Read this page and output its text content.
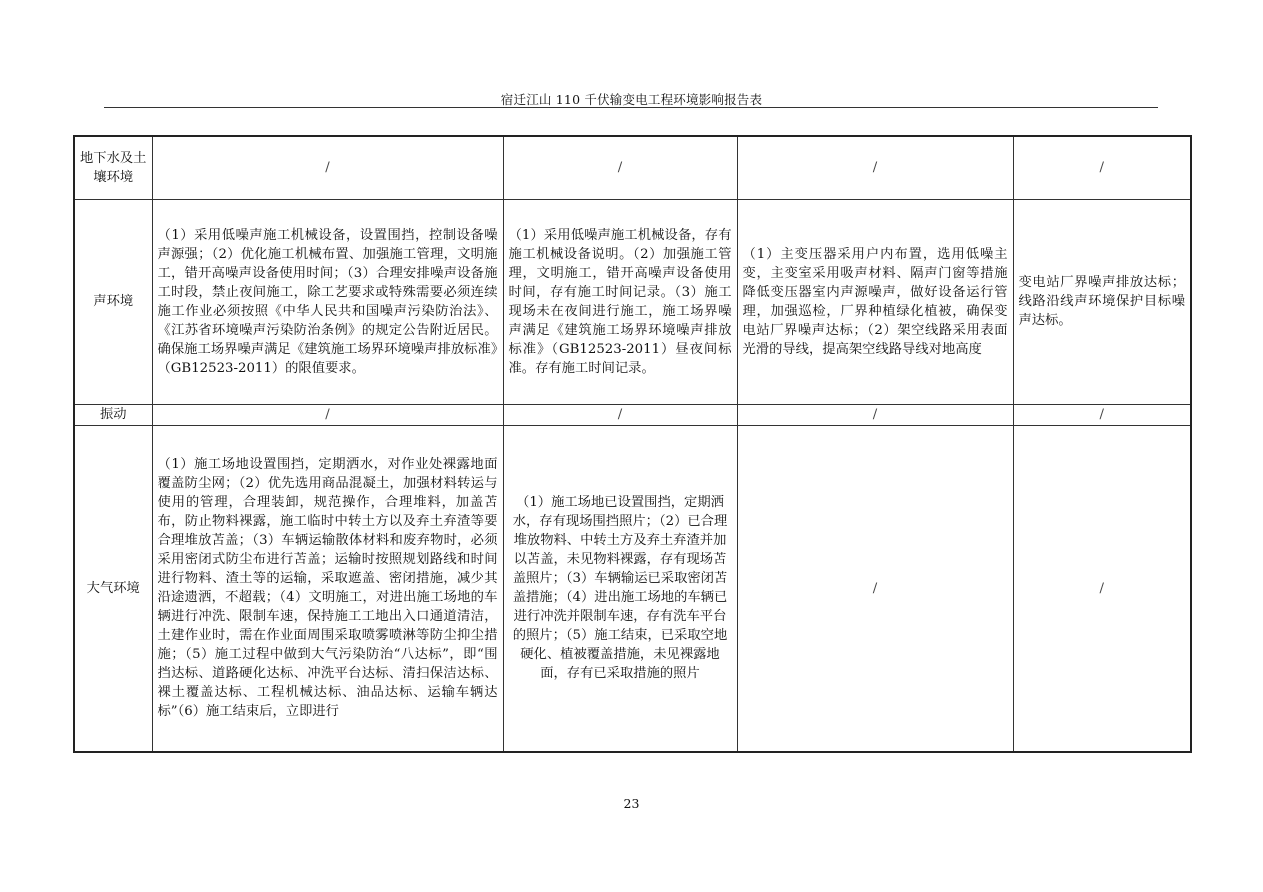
宿迁江山 110 千伏输变电工程环境影响报告表
地下水及土壤环境	/	/	/	/
声环境	（1）采用低噪声施工机械设备，设置围挡，控制设备噪声源强；（2）优化施工机械布置、加强施工管理，文明施工，错开高噪声设备使用时间；（3）合理安排噪声设备施工时段，禁止夜间施工，除工艺要求或特殊需要必须连续施工作业必须按照《中华人民共和国噪声污染防治法》、《江苏省环境噪声污染防治条例》的规定公告附近居民。确保施工场界噪声满足《建筑施工场界环境噪声排放标准》（GB12523-2011）的限值要求。	（1）采用低噪声施工机械设备，存有施工机械设备说明。（2）加强施工管理，文明施工，错开高噪声设备使用时间，存有施工时间记录。（3）施工现场未在夜间进行施工，施工场界噪声满足《建筑施工场界环境噪声排放标准》（GB12523-2011）昼夜间标准。存有施工时间记录。	（1）主变压器采用户内布置，选用低噪主变，主变室采用吸声材料、隔声门窗等措施降低变压器室内声源噪声，做好设备运行管理，加强巡检，厂界种植绿化植被，确保变电站厂界噪声达标；（2）架空线路采用表面光滑的导线，提高架空线路导线对地高度	变电站厂界噪声排放达标；线路沿线声环境保护目标噪声达标。
振动	/	/	/	/
大气环境	（1）施工场地设置围挡，定期洒水，对作业处裸露地面覆盖防尘网；（2）优先选用商品混凝土，加强材料转运与使用的管理，合理装卸，规范操作，合理堆料，加盖苫布，防止物料裸露，施工临时中转土方以及弃土弃渣等要合理堆放苫盖；（3）车辆运输散体材料和废弃物时，必须采用密闭式防尘布进行苫盖；运输时按照规划路线和时间进行物料、渣土等的运输，采取遮盖、密闭措施，减少其沿途遗洒，不超载；（4）文明施工，对进出施工场地的车辆进行冲洗、限制车速，保持施工工地出入口通道清洁，土建作业时，需在作业面周围采取喷雾喷淋等防尘抑尘措施；（5）施工过程中做到大气污染防治“八达标”，即“围挡达标、道路硬化达标、冲洗平台达标、清扫保洁达标、裸土覆盖达标、工程机械达标、油品达标、运输车辆达标”（6）施工结束后，立即进行	（1）施工场地已设置围挡，定期洒水，存有现场围挡照片；（2）已合理堆放物料、中转土方及弃土弃渣并加以苫盖，未见物料裸露，存有现场苫盖照片；（3）车辆输运已采取密闭苫盖措施；（4）进出施工场地的车辆已进行冲洗并限制车速，存有洗车平台的照片；（5）施工结束，已采取空地硬化、植被覆盖措施，未见裸露地面，存有已采取措施的照片	/	/
23
